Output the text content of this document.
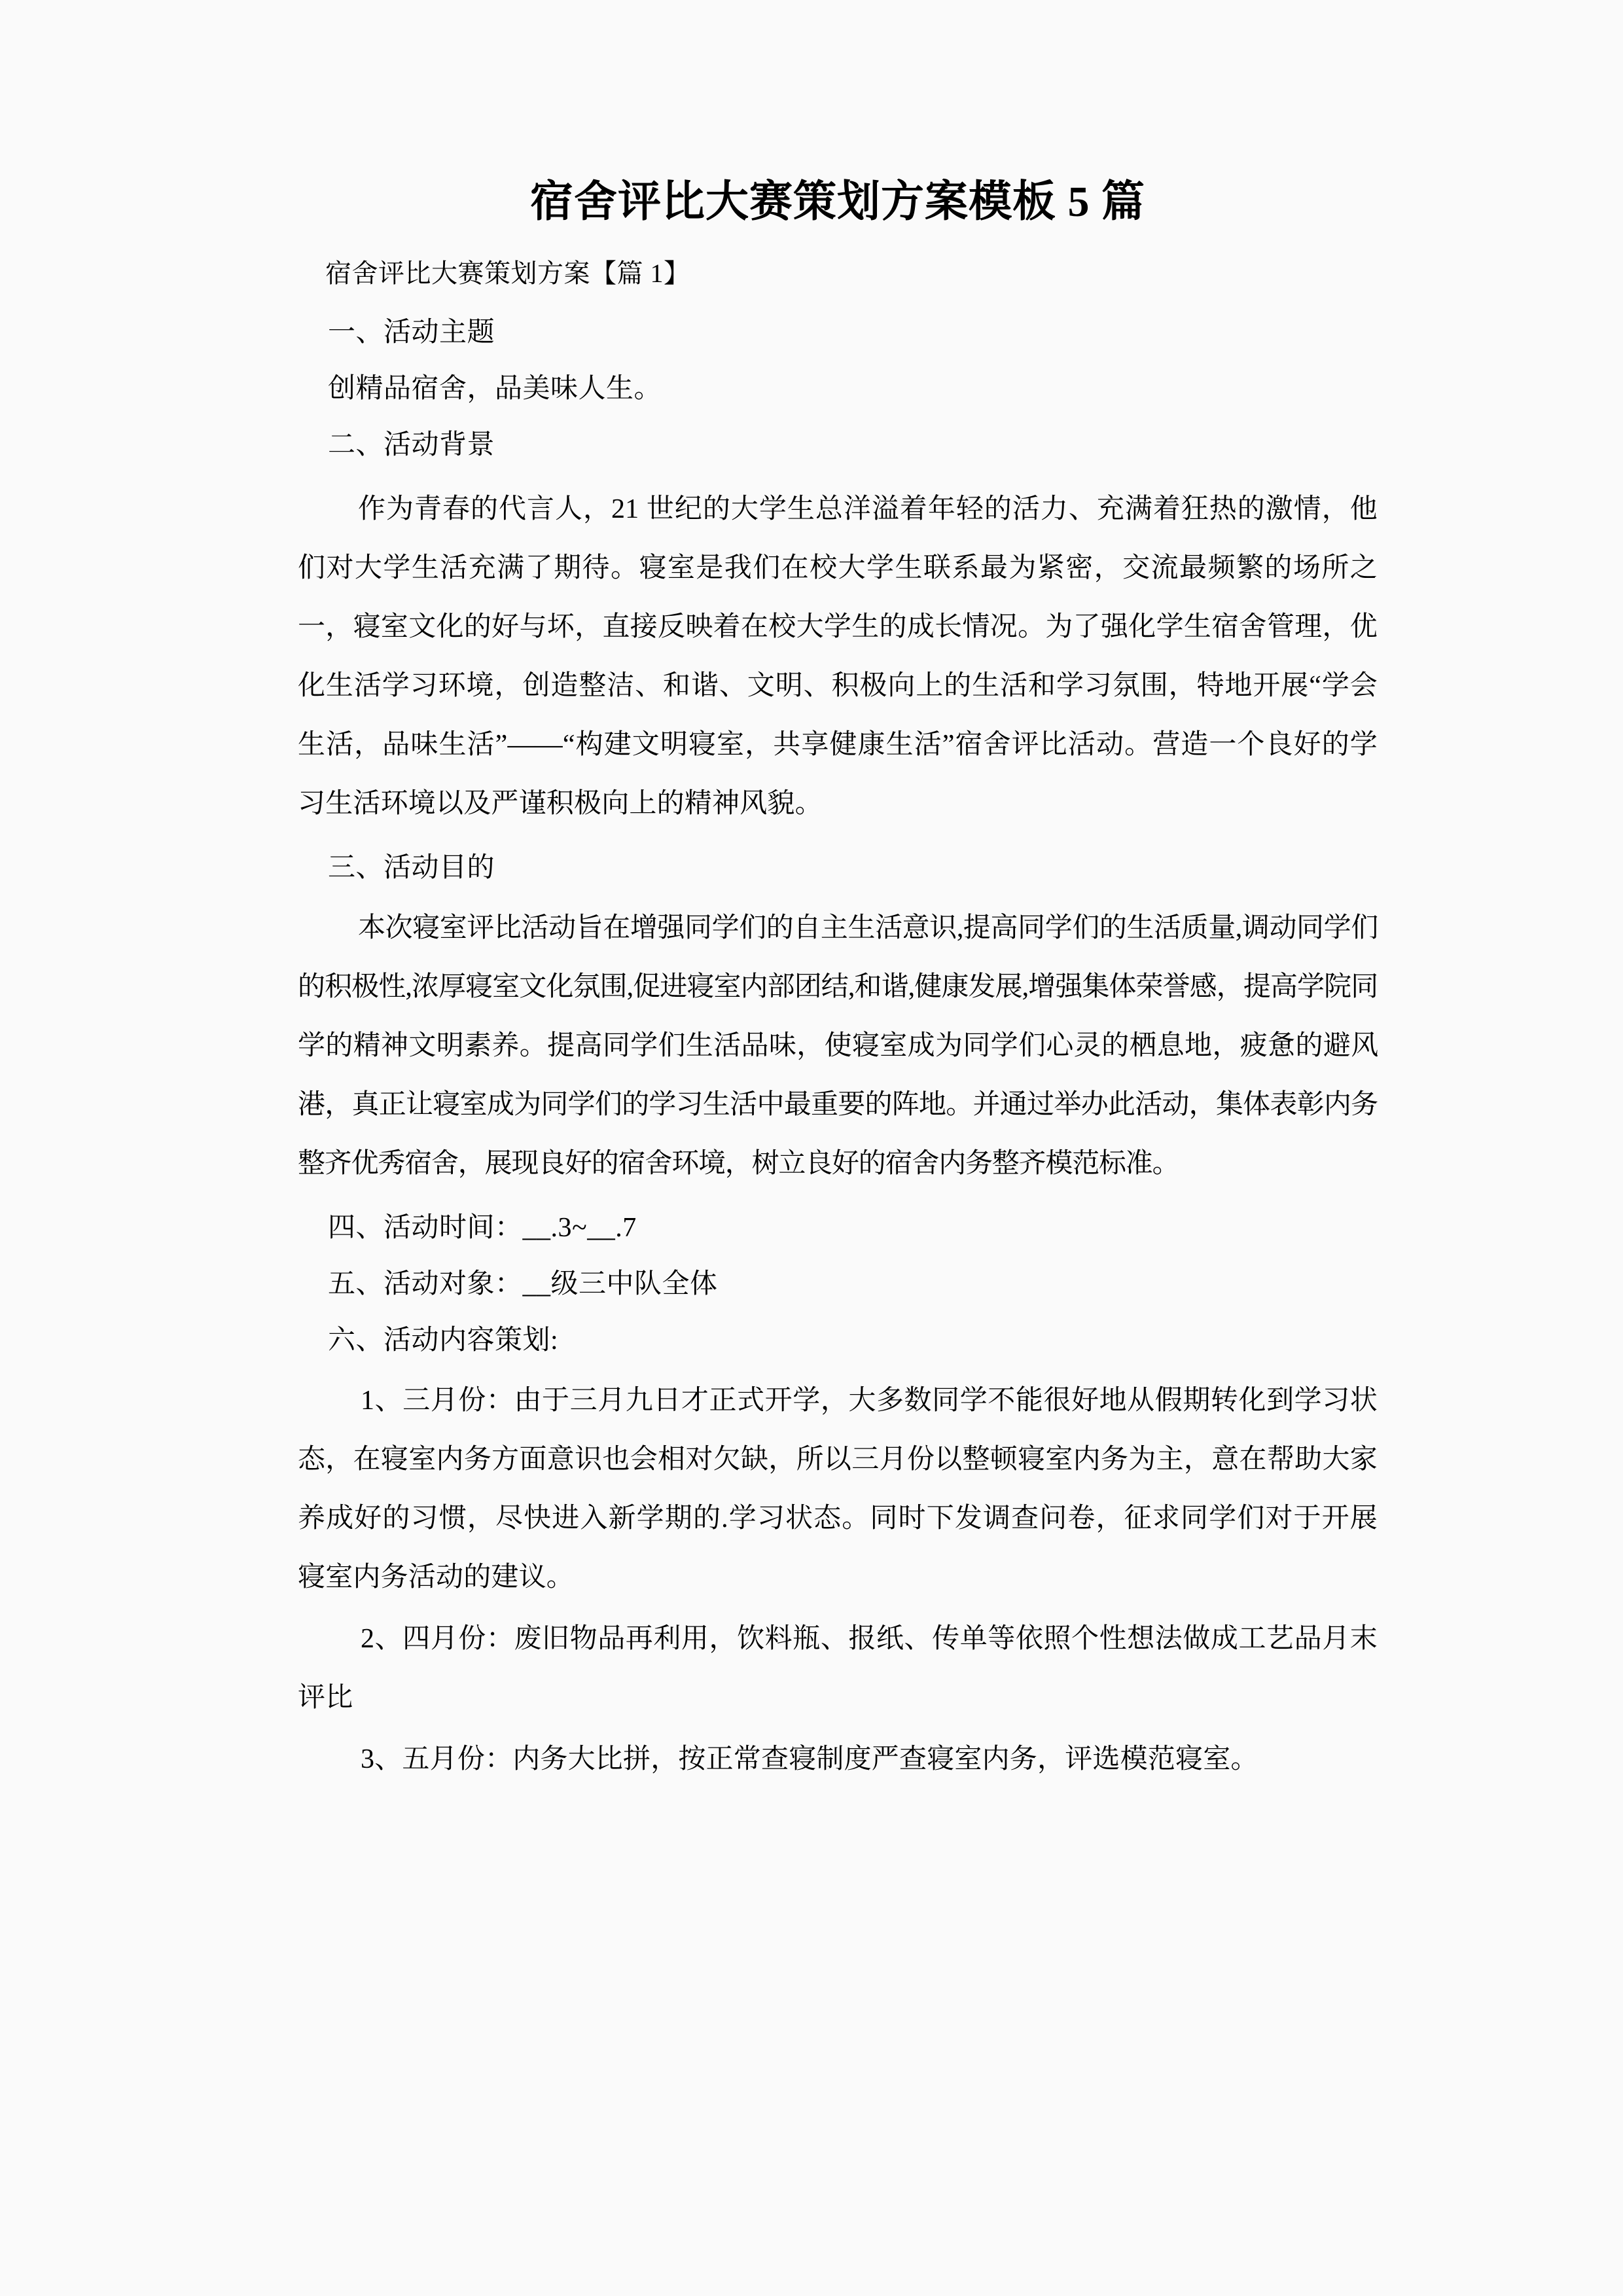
宿舍评比大赛策划方案模板 5 篇

宿舍评比大赛策划方案【篇 1】

一、活动主题

创精品宿舍，品美味人生。

二、活动背景

作为青春的代言人，21 世纪的大学生总洋溢着年轻的活力、充满着狂热的激情，他们对大学生活充满了期待。寝室是我们在校大学生联系最为紧密，交流最频繁的场所之一，寝室文化的好与坏，直接反映着在校大学生的成长情况。为了强化学生宿舍管理，优化生活学习环境，创造整洁、和谐、文明、积极向上的生活和学习氛围，特地开展“学会生活，品味生活”——“构建文明寝室，共享健康生活”宿舍评比活动。营造一个良好的学习生活环境以及严谨积极向上的精神风貌。

三、活动目的

本次寝室评比活动旨在增强同学们的自主生活意识,提高同学们的生活质量,调动同学们的积极性,浓厚寝室文化氛围,促进寝室内部团结,和谐,健康发展,增强集体荣誉感，提高学院同学的精神文明素养。提高同学们生活品味，使寝室成为同学们心灵的栖息地，疲惫的避风港，真正让寝室成为同学们的学习生活中最重要的阵地。并通过举办此活动，集体表彰内务整齐优秀宿舍，展现良好的宿舍环境，树立良好的宿舍内务整齐模范标准。

四、活动时间：__.3~__.7

五、活动对象：__级三中队全体

六、活动内容策划:

1、三月份：由于三月九日才正式开学，大多数同学不能很好地从假期转化到学习状态，在寝室内务方面意识也会相对欠缺，所以三月份以整顿寝室内务为主，意在帮助大家养成好的习惯，尽快进入新学期的.学习状态。同时下发调查问卷，征求同学们对于开展寝室内务活动的建议。

2、四月份：废旧物品再利用，饮料瓶、报纸、传单等依照个性想法做成工艺品月末评比

3、五月份：内务大比拼，按正常查寝制度严查寝室内务，评选模范寝室。
